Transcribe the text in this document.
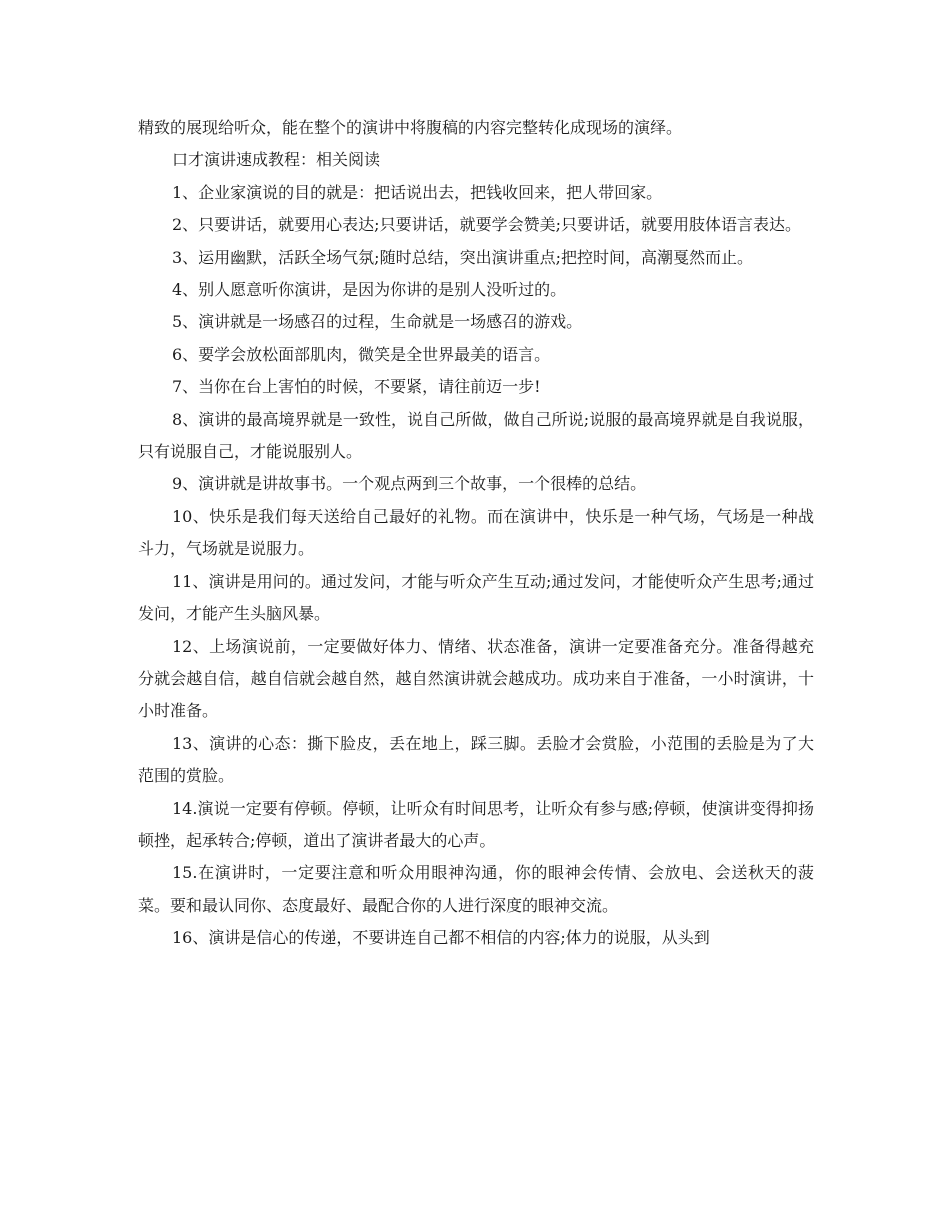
精致的展现给听众，能在整个的演讲中将腹稿的内容完整转化成现场的演绎。

口才演讲速成教程：相关阅读

1、企业家演说的目的就是：把话说出去，把钱收回来，把人带回家。

2、只要讲话，就要用心表达;只要讲话，就要学会赞美;只要讲话，就要用肢体语言表达。

3、运用幽默，活跃全场气氛;随时总结，突出演讲重点;把控时间，高潮戛然而止。

4、别人愿意听你演讲，是因为你讲的是别人没听过的。

5、演讲就是一场感召的过程，生命就是一场感召的游戏。

6、要学会放松面部肌肉，微笑是全世界最美的语言。

7、当你在台上害怕的时候，不要紧，请往前迈一步!

8、演讲的最高境界就是一致性，说自己所做，做自己所说;说服的最高境界就是自我说服，只有说服自己，才能说服别人。

9、演讲就是讲故事书。一个观点两到三个故事，一个很棒的总结。

10、快乐是我们每天送给自己最好的礼物。而在演讲中，快乐是一种气场，气场是一种战斗力，气场就是说服力。

11、演讲是用问的。通过发问，才能与听众产生互动;通过发问，才能使听众产生思考;通过发问，才能产生头脑风暴。

12、上场演说前，一定要做好体力、情绪、状态准备，演讲一定要准备充分。准备得越充分就会越自信，越自信就会越自然，越自然演讲就会越成功。成功来自于准备，一小时演讲，十小时准备。

13、演讲的心态：撕下脸皮，丢在地上，踩三脚。丢脸才会赏脸，小范围的丢脸是为了大范围的赏脸。

14.演说一定要有停顿。停顿，让听众有时间思考，让听众有参与感;停顿，使演讲变得抑扬顿挫，起承转合;停顿，道出了演讲者最大的心声。

15.在演讲时，一定要注意和听众用眼神沟通，你的眼神会传情、会放电、会送秋天的菠菜。要和最认同你、态度最好、最配合你的人进行深度的眼神交流。

16、演讲是信心的传递，不要讲连自己都不相信的内容;体力的说服，从头到
